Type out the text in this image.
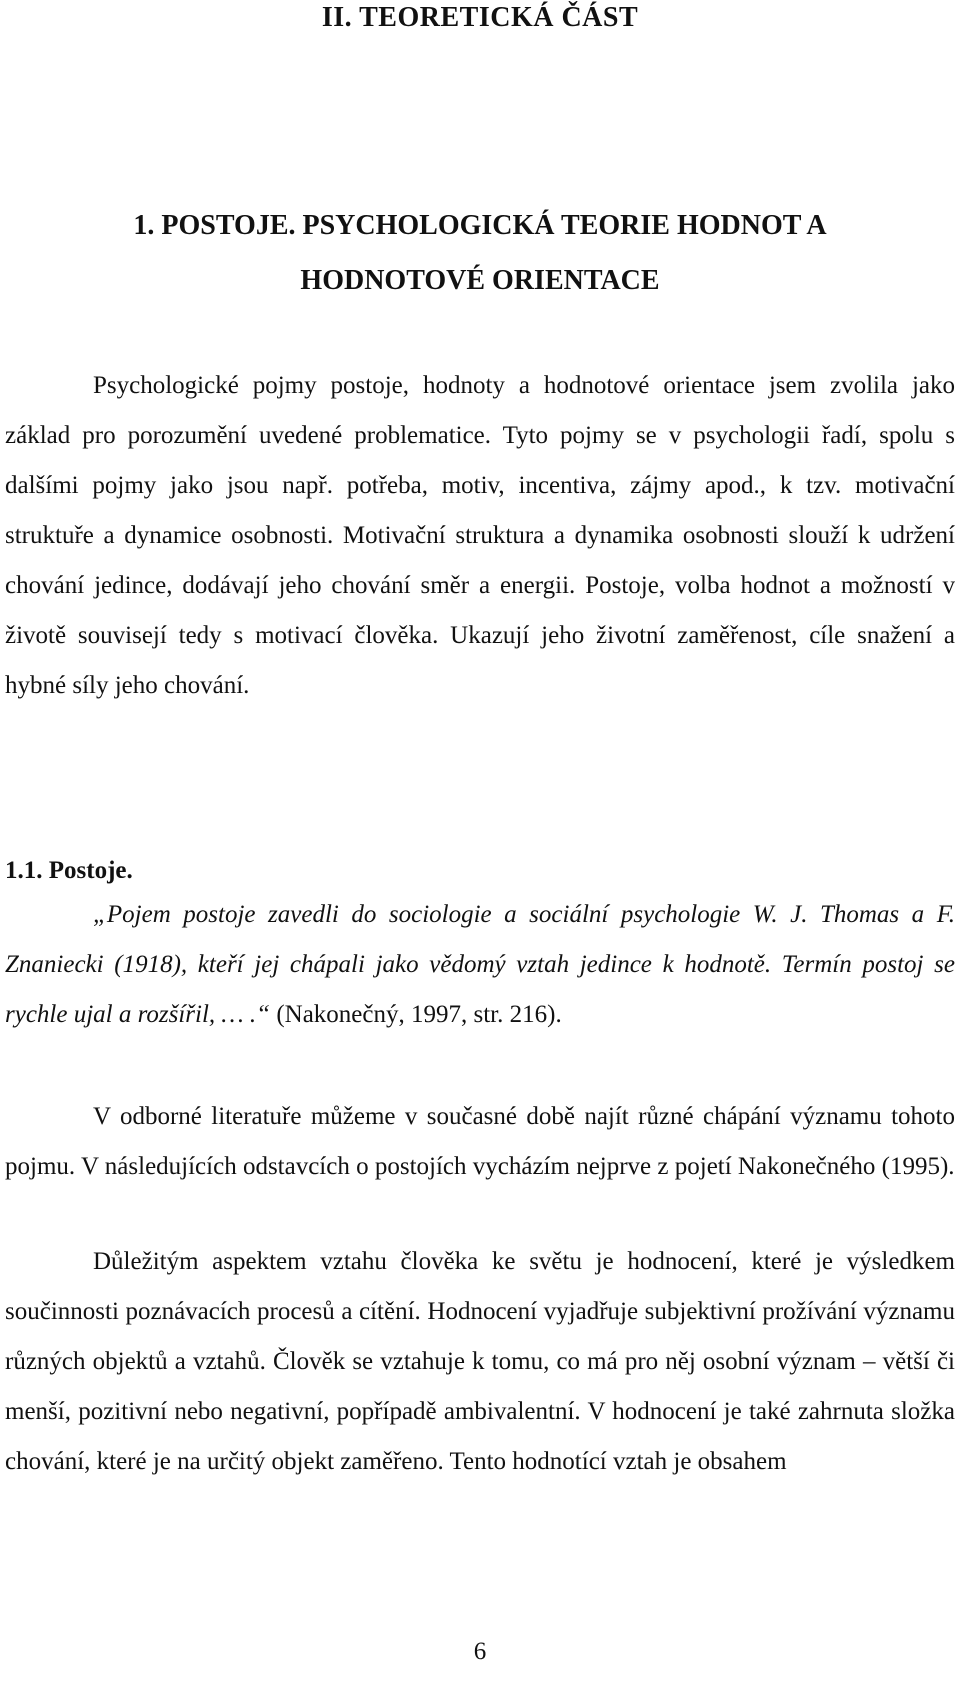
II. TEORETICKÁ ČÁST
1. POSTOJE. PSYCHOLOGICKÁ TEORIE HODNOT A
HODNOTOVÉ ORIENTACE

Psychologické pojmy postoje, hodnoty a hodnotové orientace jsem zvolila jako základ pro porozumění uvedené problematice. Tyto pojmy se v psychologii řadí, spolu s dalšími pojmy jako jsou např. potřeba, motiv, incentiva, zájmy apod., k tzv. motivační struktuře a dynamice osobnosti. Motivační struktura a dynamika osobnosti slouží k udržení chování jedince, dodávají jeho chování směr a energii. Postoje, volba hodnot a možností v životě souvisejí tedy s motivací člověka. Ukazují jeho životní zaměřenost, cíle snažení a hybné síly jeho chování.

1.1. Postoje.

„Pojem postoje zavedli do sociologie a sociální psychologie W. J. Thomas a F. Znaniecki (1918), kteří jej chápali jako vědomý vztah jedince k hodnotě. Termín postoj se rychle ujal a rozšířil, … .“ (Nakonečný, 1997, str. 216).

V odborné literatuře můžeme v současné době najít různé chápání významu tohoto pojmu. V následujících odstavcích o postojích vycházím nejprve z pojetí Nakonečného (1995).

Důležitým aspektem vztahu člověka ke světu je hodnocení, které je výsledkem součinnosti poznávacích procesů a cítění. Hodnocení vyjadřuje subjektivní prožívání významu různých objektů a vztahů. Člověk se vztahuje k tomu, co má pro něj osobní význam – větší či menší, pozitivní nebo negativní, popřípadě ambivalentní. V hodnocení je také zahrnuta složka chování, které je na určitý objekt zaměřeno. Tento hodnotící vztah je obsahem

6
